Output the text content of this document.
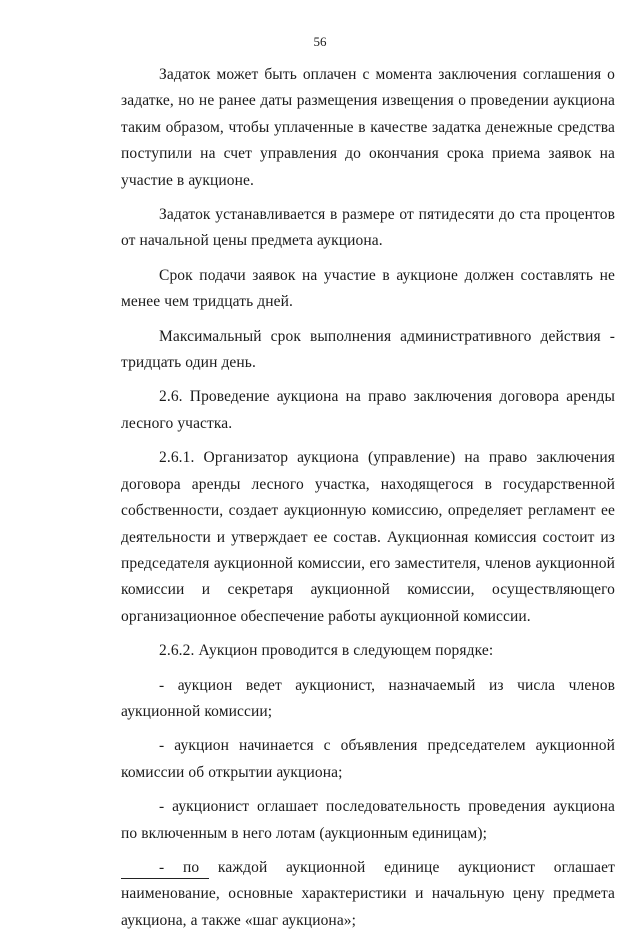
56

Задаток может быть оплачен с момента заключения соглашения о задатке, но не ранее даты размещения извещения о проведении аукциона таким образом, чтобы уплаченные в качестве задатка денежные средства поступили на счет управления до окончания срока приема заявок на участие в аукционе.

Задаток устанавливается в размере от пятидесяти до ста процентов от начальной цены предмета аукциона.

Срок подачи заявок на участие в аукционе должен составлять не менее чем тридцать дней.

Максимальный срок выполнения административного действия - тридцать один день.

2.6. Проведение аукциона на право заключения договора аренды лесного участка.

2.6.1. Организатор аукциона (управление) на право заключения договора аренды лесного участка, находящегося в государственной собственности, создает аукционную комиссию, определяет регламент ее деятельности и утверждает ее состав. Аукционная комиссия состоит из председателя аукционной комиссии, его заместителя, членов аукционной комиссии и секретаря аукционной комиссии, осуществляющего организационное обеспечение работы аукционной комиссии.

2.6.2. Аукцион проводится в следующем порядке:

- аукцион ведет аукционист, назначаемый из числа членов аукционной комиссии;

- аукцион начинается с объявления председателем аукционной комиссии об открытии аукциона;

- аукционист оглашает последовательность проведения аукциона по включенным в него лотам (аукционным единицам);

- по каждой аукционной единице аукционист оглашает наименование, основные характеристики и начальную цену предмета аукциона, а также «шаг аукциона»;
